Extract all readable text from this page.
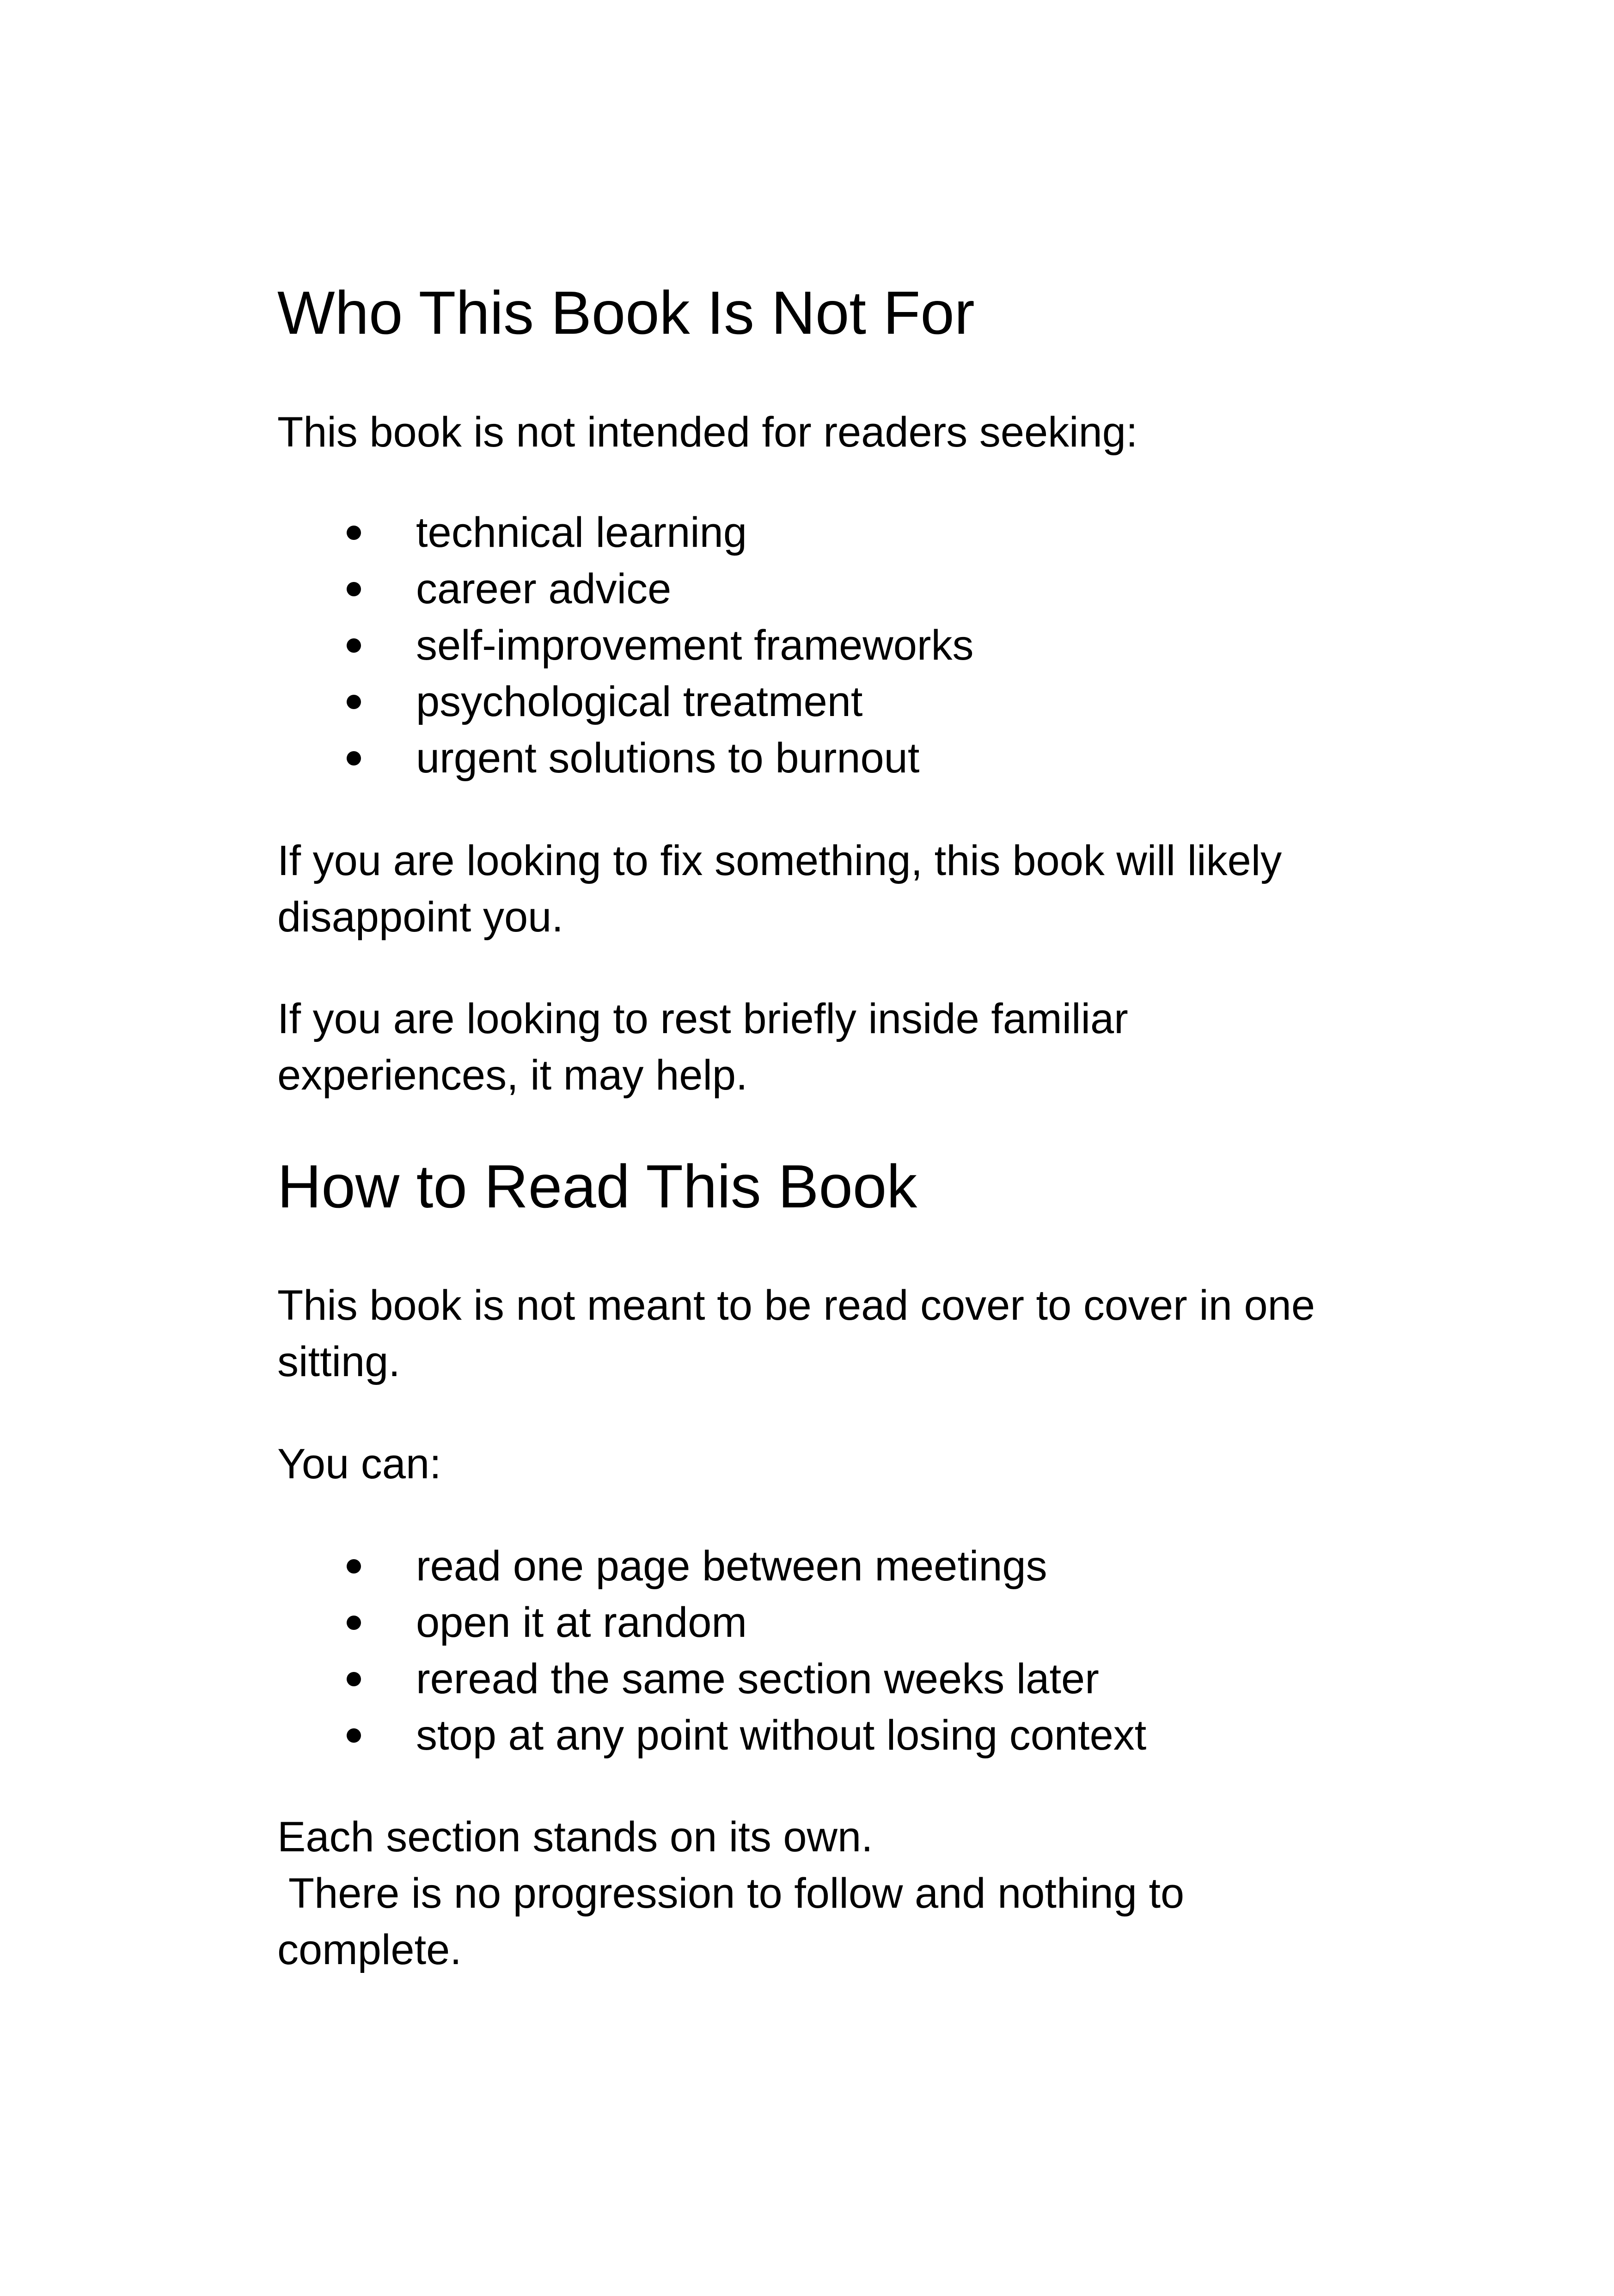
Who This Book Is Not For

This book is not intended for readers seeking:

technical learning
career advice
self-improvement frameworks
psychological treatment
urgent solutions to burnout

If you are looking to fix something, this book will likely

disappoint you.

If you are looking to rest briefly inside familiar

experiences, it may help.

How to Read This Book

This book is not meant to be read cover to cover in one

sitting.

You can:

read one page between meetings
open it at random
reread the same section weeks later
stop at any point without losing context

Each section stands on its own.

There is no progression to follow and nothing to

complete.
